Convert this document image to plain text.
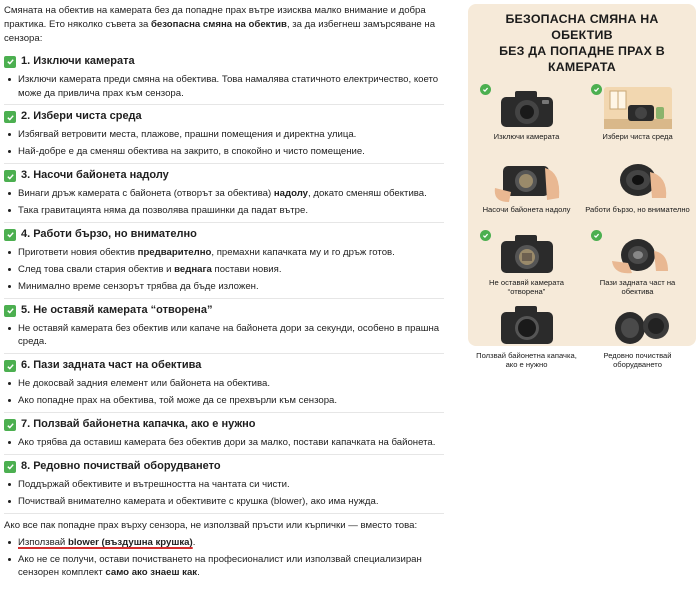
Смяната на обектив на камерата без да попадне прах вътре изисква малко внимание и добра практика. Ето няколко съвета за безопасна смяна на обектив, за да избегнеш замърсяване на сензора:

1. Изключи камерата
Изключи камерата преди смяна на обектива. Това намалява статичното електричество, което може да привлича прах към сензора.
2. Избери чиста среда
Избягвай ветровити места, плажове, прашни помещения и директна улица.
Най-добре е да сменяш обектива на закрито, в спокойно и чисто помещение.
3. Насочи байонета надолу
Винаги дръж камерата с байонета (отворът за обектива) надолу, докато сменяш обектива.
Така гравитацията няма да позволява прашинки да падат вътре.
4. Работи бързо, но внимателно
Пригответи новия обектив предварително, премахни капачката му и го дръж готов.
След това свали стария обектив и веднага постави новия.
Минимално време сензорът трябва да бъде изложен.
5. Не оставяй камерата “отворена”
Не оставяй камерата без обектив или капаче на байонета дори за секунди, особено в прашна среда.
6. Пази задната част на обектива
Не докосвай задния елемент или байонета на обектива.
Ако попадне прах на обектива, той може да се прехвърли към сензора.
7. Ползвай байонетна капачка, ако е нужно
Ако трябва да оставиш камерата без обектив дори за малко, постави капачката на байонета.
8. Редовно почиствай оборудването
Поддържай обективите и вътрешността на чантата си чисти.
Почиствай внимателно камерата и обективите с крушка (blower), ако има нужда.

Ако все пак попадне прах върху сензора, не използвай пръсти или кърпички — вместо това:

Използвай blower (въздушна крушка).
Ако не се получи, остави почистването на професионалист или използвай специализиран сензорен комплект само ако знаеш как.
БЕЗОПАСНА СМЯНА НА ОБЕКТИВ
БЕЗ ДА ПОПАДНЕ ПРАХ В КАМЕРАТА
Изключи камерата	Избери чиста среда
Насочи байонета надолу	Работи бързо, но внимателно
Не оставяй камерата “отворена”
Пази задната част на обектива
Ползвай байонетна капачка, ако е нужно
Редовно почиствай оборудването
